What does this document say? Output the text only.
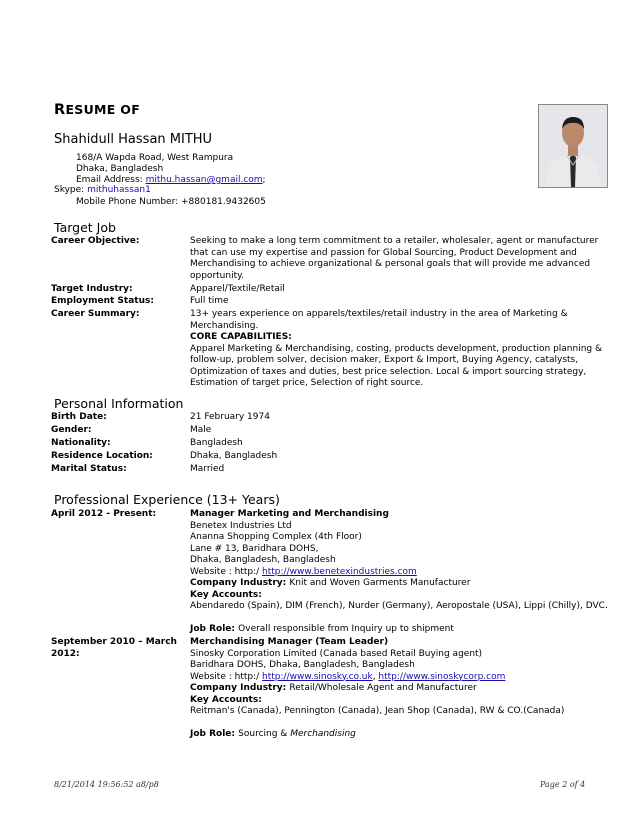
RESUME OF
Shahidull Hassan MITHU
168/A Wapda Road, West Rampura
Dhaka, Bangladesh
Email Address: mithu.hassan@gmail.com;
Skype: mithuhassan1
Mobile Phone Number: +880181.9432605
Target Job
Career Objective:	Seeking to make a long term commitment to a retailer, wholesaler, agent or manufacturer that can use my expertise and passion for Global Sourcing, Product Development and Merchandising to achieve organizational & personal goals that will provide me advanced opportunity.
Target Industry:	Apparel/Textile/Retail
Employment Status:	Full time
Career Summary:	13+ years experience on apparels/textiles/retail industry in the area of Marketing & Merchandising.
CORE CAPABILITIES:
Apparel Marketing & Merchandising, costing, products development, production planning & follow-up, problem solver, decision maker, Export & Import, Buying Agency, catalysts, Optimization of taxes and duties, best price selection. Local & import sourcing strategy, Estimation of target price, Selection of right source.
Personal Information
Birth Date:	21 February 1974
Gender:	Male
Nationality:	Bangladesh
Residence Location:	Dhaka, Bangladesh
Marital Status:	Married
Professional Experience (13+ Years)
April 2012 - Present:	Manager Marketing and Merchandising
Benetex Industries Ltd
Ananna Shopping Complex (4th Floor)
Lane # 13, Baridhara DOHS,
Dhaka, Bangladesh, Bangladesh
Website : http:/ http://www.benetexindustries.com
Company Industry: Knit and Woven Garments Manufacturer
Key Accounts:
Abendaredo (Spain), DIM (French), Nurder (Germany), Aeropostale (USA), Lippi (Chilly), DVC.
Job Role: Overall responsible from Inquiry up to shipment
September 2010 – March
2012:
Merchandising Manager (Team Leader)
Sinosky Corporation Limited (Canada based Retail Buying agent)
Baridhara DOHS, Dhaka, Bangladesh, Bangladesh
Website : http:/ http://www.sinosky.co.uk, http://www.sinoskycorp.com
Company Industry: Retail/Wholesale Agent and Manufacturer
Key Accounts:
Reitman's (Canada), Pennington (Canada), Jean Shop (Canada), RW & CO.(Canada)
Job Role: Sourcing & Merchandising
8/21/2014 19:56:52 a8/p8	Page 2 of 4
